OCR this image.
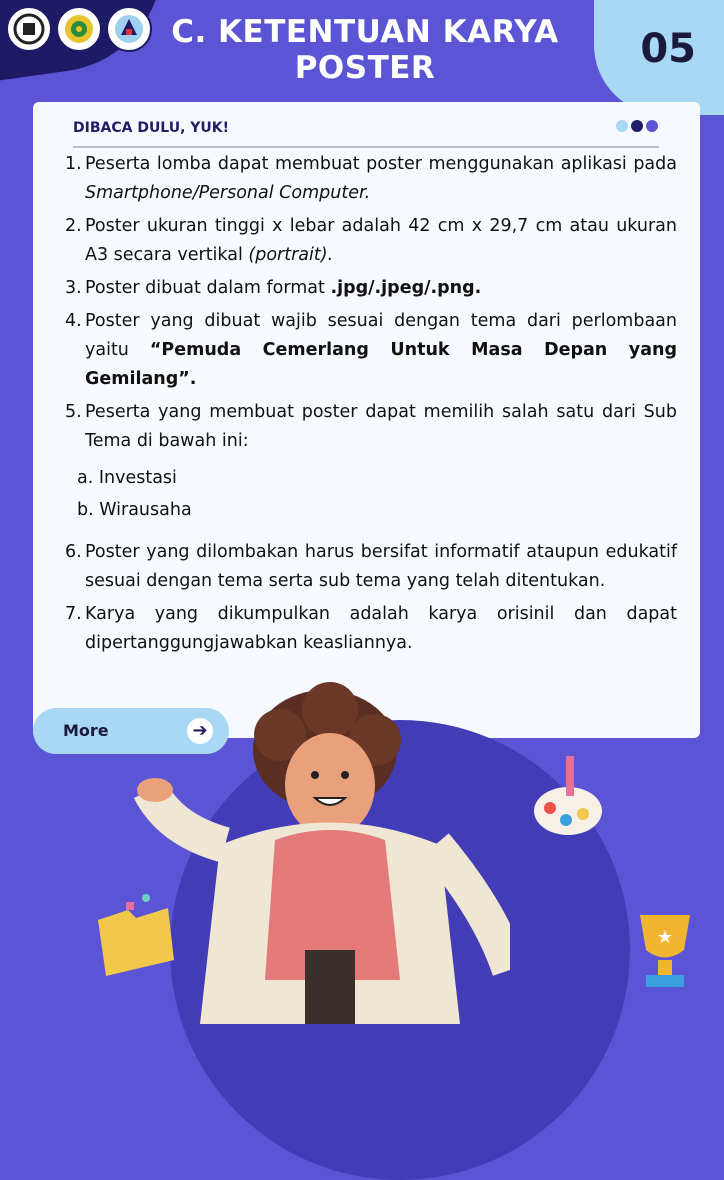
C. KETENTUAN KARYA
POSTER	05
DIBACA DULU, YUK!
1. Peserta lomba dapat membuat poster menggunakan aplikasi pada Smartphone/Personal Computer.
2. Poster ukuran tinggi x lebar adalah 42 cm x 29,7 cm atau ukuran A3 secara vertikal (portrait).
3. Poster dibuat dalam format .jpg/.jpeg/.png.
4. Poster yang dibuat wajib sesuai dengan tema dari perlombaan yaitu “Pemuda Cemerlang Untuk Masa Depan yang Gemilang”.
5. Peserta yang membuat poster dapat memilih salah satu dari Sub Tema di bawah ini:
a. Investasi
b. Wirausaha
6. Poster yang dilombakan harus bersifat informatif ataupun edukatif sesuai dengan tema serta sub tema yang telah ditentukan.
7. Karya yang dikumpulkan adalah karya orisinil dan dapat dipertanggungjawabkan keasliannya.
More	➔
★
